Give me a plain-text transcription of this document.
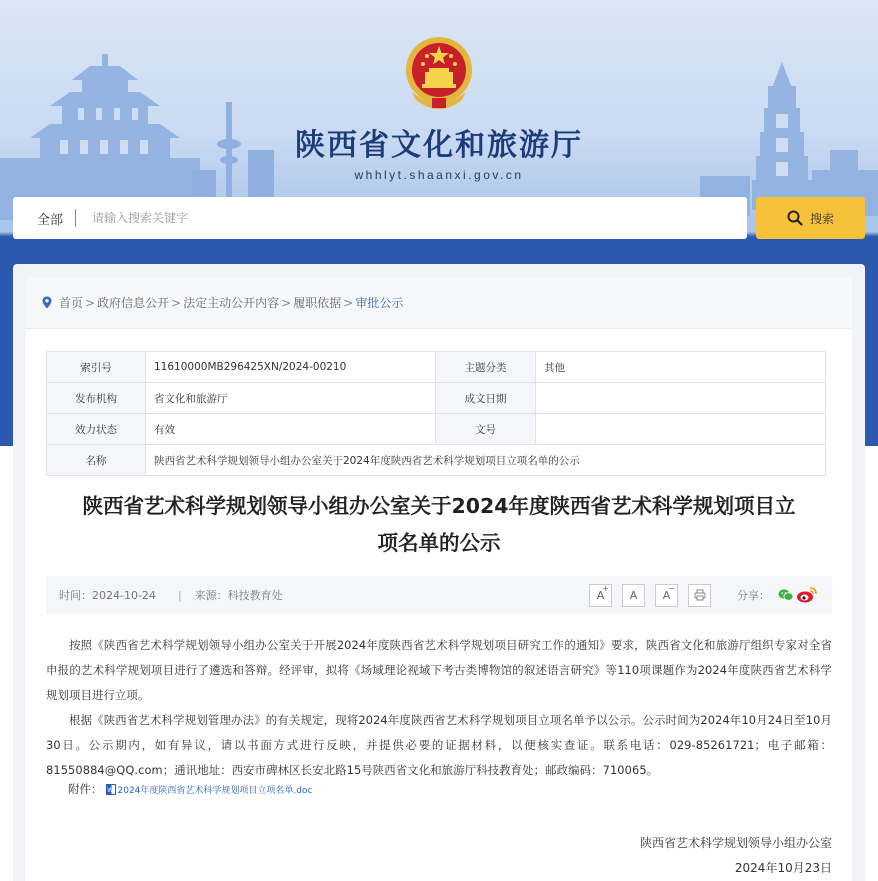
陕西省文化和旅游厅
whhlyt.shaanxi.gov.cn
全部
请输入搜索关键字	搜索
首页 > 政府信息公开 > 法定主动公开内容 > 履职依据 > 审批公示
索引号	11610000MB296425XN/2024-00210	主题分类	其他
发布机构	省文化和旅游厅	成文日期	
效力状态	有效	文号	
名称	陕西省艺术科学规划领导小组办公室关于2024年度陕西省艺术科学规划项目立项名单的公示		
陕西省艺术科学规划领导小组办公室关于2024年度陕西省艺术科学规划项目立
项名单的公示
时间： 2024-10-24 | 来源： 科技教育处	A
+
A A
−
分享：

按照《陕西省艺术科学规划领导小组办公室关于开展2024年度陕西省艺术科学规划项目研究工作的通知》要求，陕西省文化和旅游厅组织专家对全省申报的艺术科学规划项目进行了遴选和答辩。经评审，拟将《场域理论视域下考古类博物馆的叙述语言研究》等110项课题作为2024年度陕西省艺术科学规划项目进行立项。

根据《陕西省艺术科学规划管理办法》的有关规定，现将2024年度陕西省艺术科学规划项目立项名单予以公示。公示时间为2024年10月24日至10月30日。公示期内，如有异议，请以书面方式进行反映，并提供必要的证据材料，以便核实查证。联系电话：029-85261721；电子邮箱：81550884@QQ.com；通讯地址：西安市碑林区长安北路15号陕西省文化和旅游厅科技教育处；邮政编码：710065。

附件： W 2024年度陕西省艺术科学规划项目立项名单.doc
陕西省艺术科学规划领导小组办公室
2024年10月23日
